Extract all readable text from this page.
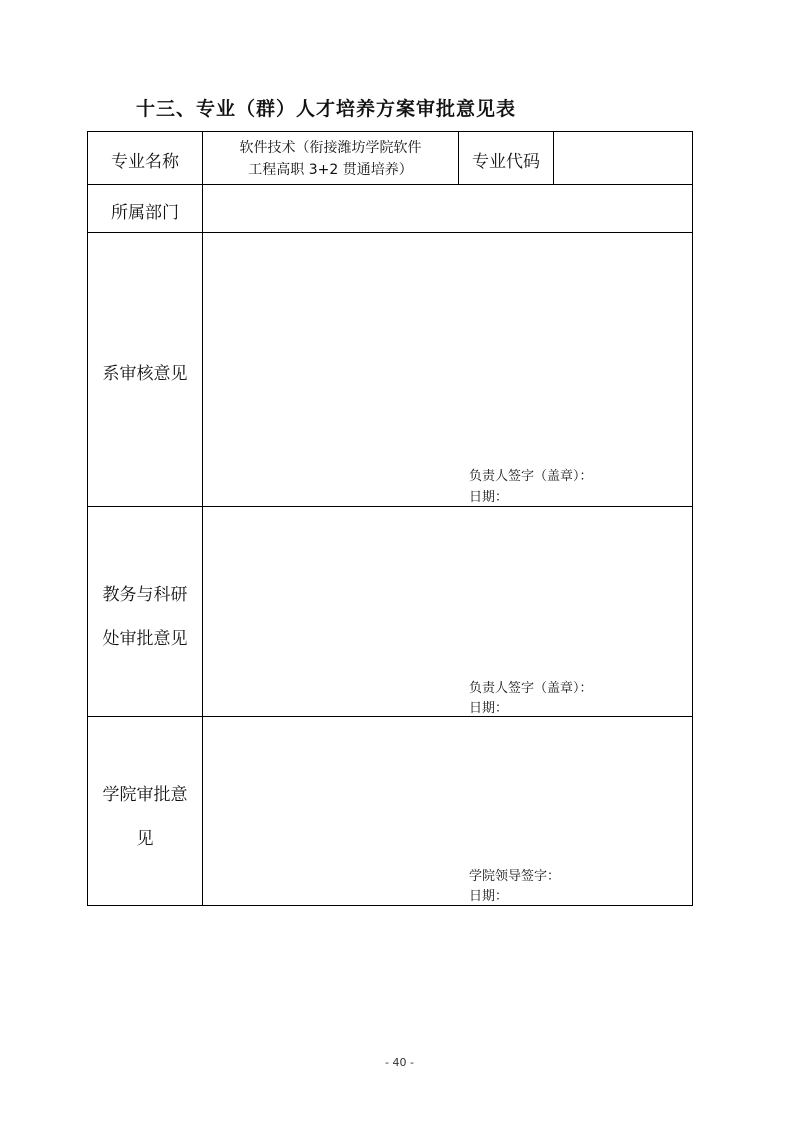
十三、专业（群）人才培养方案审批意见表
专业名称
软件技术（衔接潍坊学院软件
工程高职 3+2 贯通培养）	专业代码
所属部门
系审核意见
负责人签字（盖章）：
日期：
教务与科研
处审批意见
负责人签字（盖章）：
日期：
学院审批意
见
学院领导签字：
日期：
- 40 -
